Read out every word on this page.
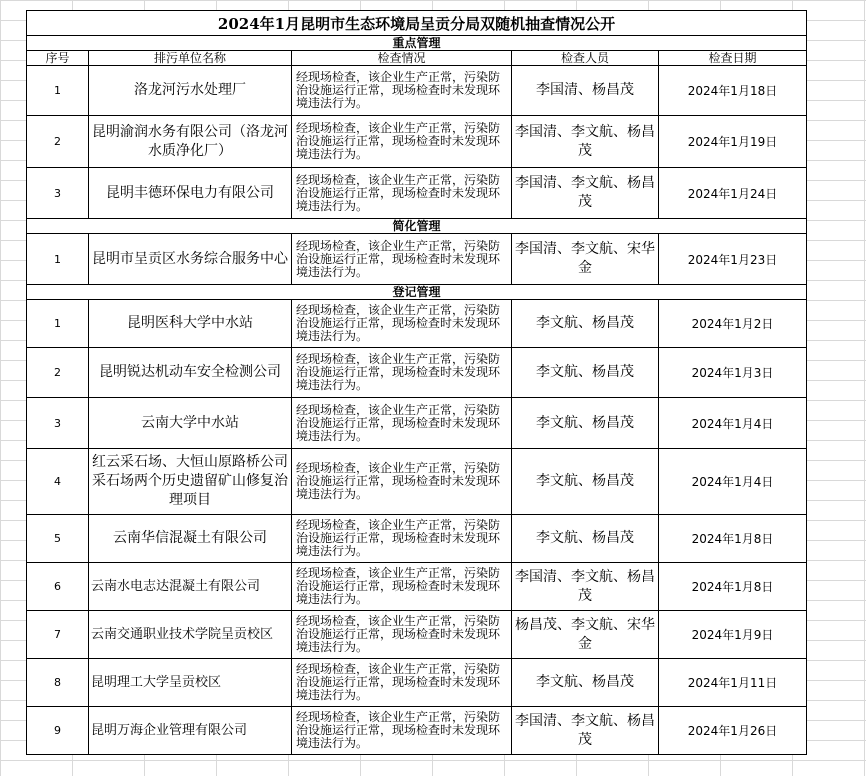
2024年1月昆明市生态环境局呈贡分局双随机抽查情况公开				
重点管理				
序号	排污单位名称	检查情况	检查人员	检查日期
1	洛龙河污水处理厂	经现场检查，该企业生产正常，污染防治设施运行正常，现场检查时未发现环境违法行为。	李国清、杨昌茂	2024年1月18日
2	昆明渝润水务有限公司（洛龙河水质净化厂）	经现场检查，该企业生产正常，污染防治设施运行正常，现场检查时未发现环境违法行为。	李国清、李文航、杨昌茂	2024年1月19日
3	昆明丰德环保电力有限公司	经现场检查，该企业生产正常，污染防治设施运行正常，现场检查时未发现环境违法行为。	李国清、李文航、杨昌茂	2024年1月24日
简化管理				
1	昆明市呈贡区水务综合服务中心	经现场检查，该企业生产正常，污染防治设施运行正常，现场检查时未发现环境违法行为。	李国清、李文航、宋华金	2024年1月23日
登记管理				
1	昆明医科大学中水站	经现场检查，该企业生产正常，污染防治设施运行正常，现场检查时未发现环境违法行为。	李文航、杨昌茂	2024年1月2日
2	昆明锐达机动车安全检测公司	经现场检查，该企业生产正常，污染防治设施运行正常，现场检查时未发现环境违法行为。	李文航、杨昌茂	2024年1月3日
3	云南大学中水站	经现场检查，该企业生产正常，污染防治设施运行正常，现场检查时未发现环境违法行为。	李文航、杨昌茂	2024年1月4日
4	红云采石场、大恒山原路桥公司采石场两个历史遗留矿山修复治理项目	经现场检查，该企业生产正常，污染防治设施运行正常，现场检查时未发现环境违法行为。	李文航、杨昌茂	2024年1月4日
5	云南华信混凝土有限公司	经现场检查，该企业生产正常，污染防治设施运行正常，现场检查时未发现环境违法行为。	李文航、杨昌茂	2024年1月8日
6	云南水电志达混凝土有限公司	经现场检查，该企业生产正常，污染防治设施运行正常，现场检查时未发现环境违法行为。	李国清、李文航、杨昌茂	2024年1月8日
7	云南交通职业技术学院呈贡校区	经现场检查，该企业生产正常，污染防治设施运行正常，现场检查时未发现环境违法行为。	杨昌茂、李文航、宋华金	2024年1月9日
8	昆明理工大学呈贡校区	经现场检查，该企业生产正常，污染防治设施运行正常，现场检查时未发现环境违法行为。	李文航、杨昌茂	2024年1月11日
9	昆明万海企业管理有限公司	经现场检查，该企业生产正常，污染防治设施运行正常，现场检查时未发现环境违法行为。	李国清、李文航、杨昌茂	2024年1月26日
